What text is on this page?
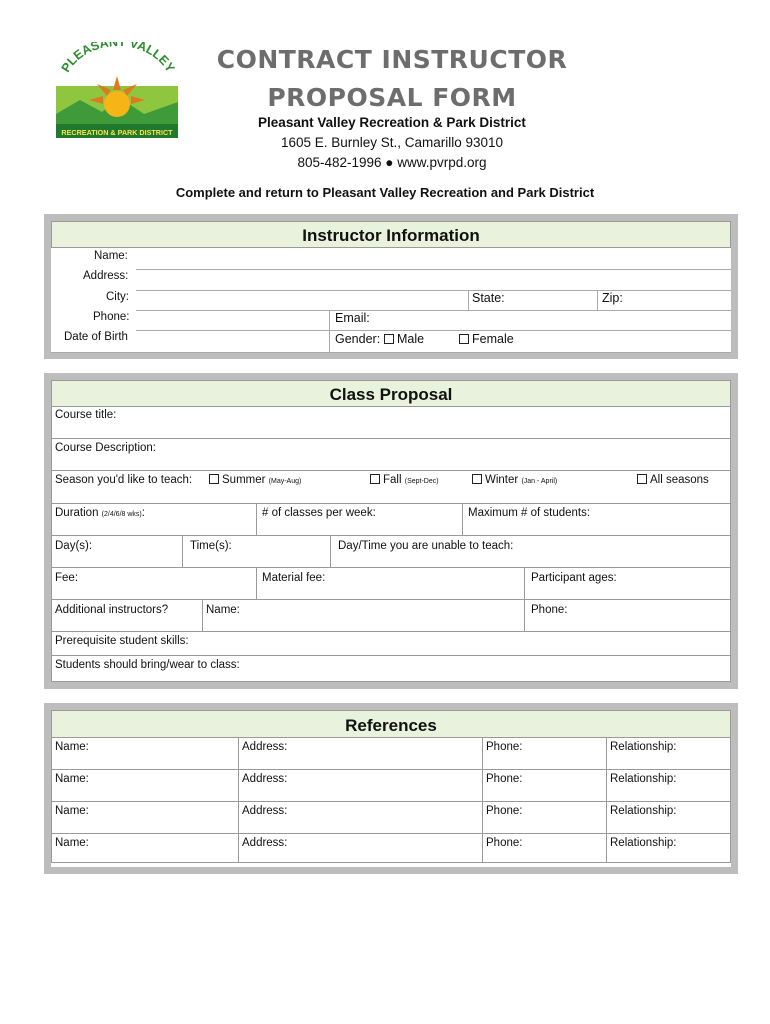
PLEASANT VALLEY
RECREATION & PARK DISTRICT
CONTRACT INSTRUCTOR
PROPOSAL FORM
Pleasant Valley Recreation & Park District
1605 E. Burnley St., Camarillo 93010
805-482-1996 ● www.pvrpd.org
Complete and return to Pleasant Valley Recreation and Park District
Instructor Information
Name:
Address:
City:	State:	Zip:
Phone:	Email:
Date of Birth	Gender:	Male	Female
Class Proposal
Course title:
Course Description:
Season you'd like to teach:	Summer (May-Aug)	Fall (Sept-Dec)	Winter (Jan - April)	All seasons
Duration (2/4/6/8 wks):	# of classes per week:	Maximum # of students:
Day(s):	Time(s):	Day/Time you are unable to teach:
Fee:	Material fee:	Participant ages:
Additional instructors?	Name:	Phone:
Prerequisite student skills:
Students should bring/wear to class:
References
Name:	Address:	Phone:	Relationship:
Name:	Address:	Phone:	Relationship:
Name:	Address:	Phone:	Relationship:
Name:	Address:	Phone:	Relationship:
